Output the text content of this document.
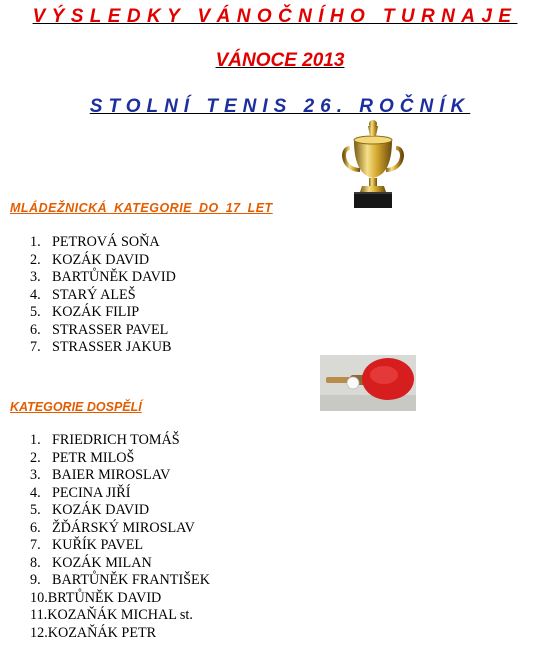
VÝSLEDKY VÁNOČNÍHO TURNAJE
VÁNOCE 2013
STOLNÍ TENIS 26. ROČNÍK
MLÁDEŽNICKÁ KATEGORIE DO 17 LET
1. PETROVÁ SOŇA
2. KOZÁK DAVID
3. BARTŮNĚK DAVID
4. STARÝ ALEŠ
5. KOZÁK FILIP
6. STRASSER PAVEL
7. STRASSER JAKUB
KATEGORIE DOSPĚLÍ
1. FRIEDRICH TOMÁŠ
2. PETR MILOŠ
3. BAIER MIROSLAV
4. PECINA JIŘÍ
5. KOZÁK DAVID
6. ŽĎÁRSKÝ MIROSLAV
7. KUŘÍK PAVEL
8. KOZÁK MILAN
9. BARTŮNĚK FRANTIŠEK
10.BRTŮNĚK DAVID
11.KOZAŇÁK MICHAL st.
12.KOZAŇÁK PETR
